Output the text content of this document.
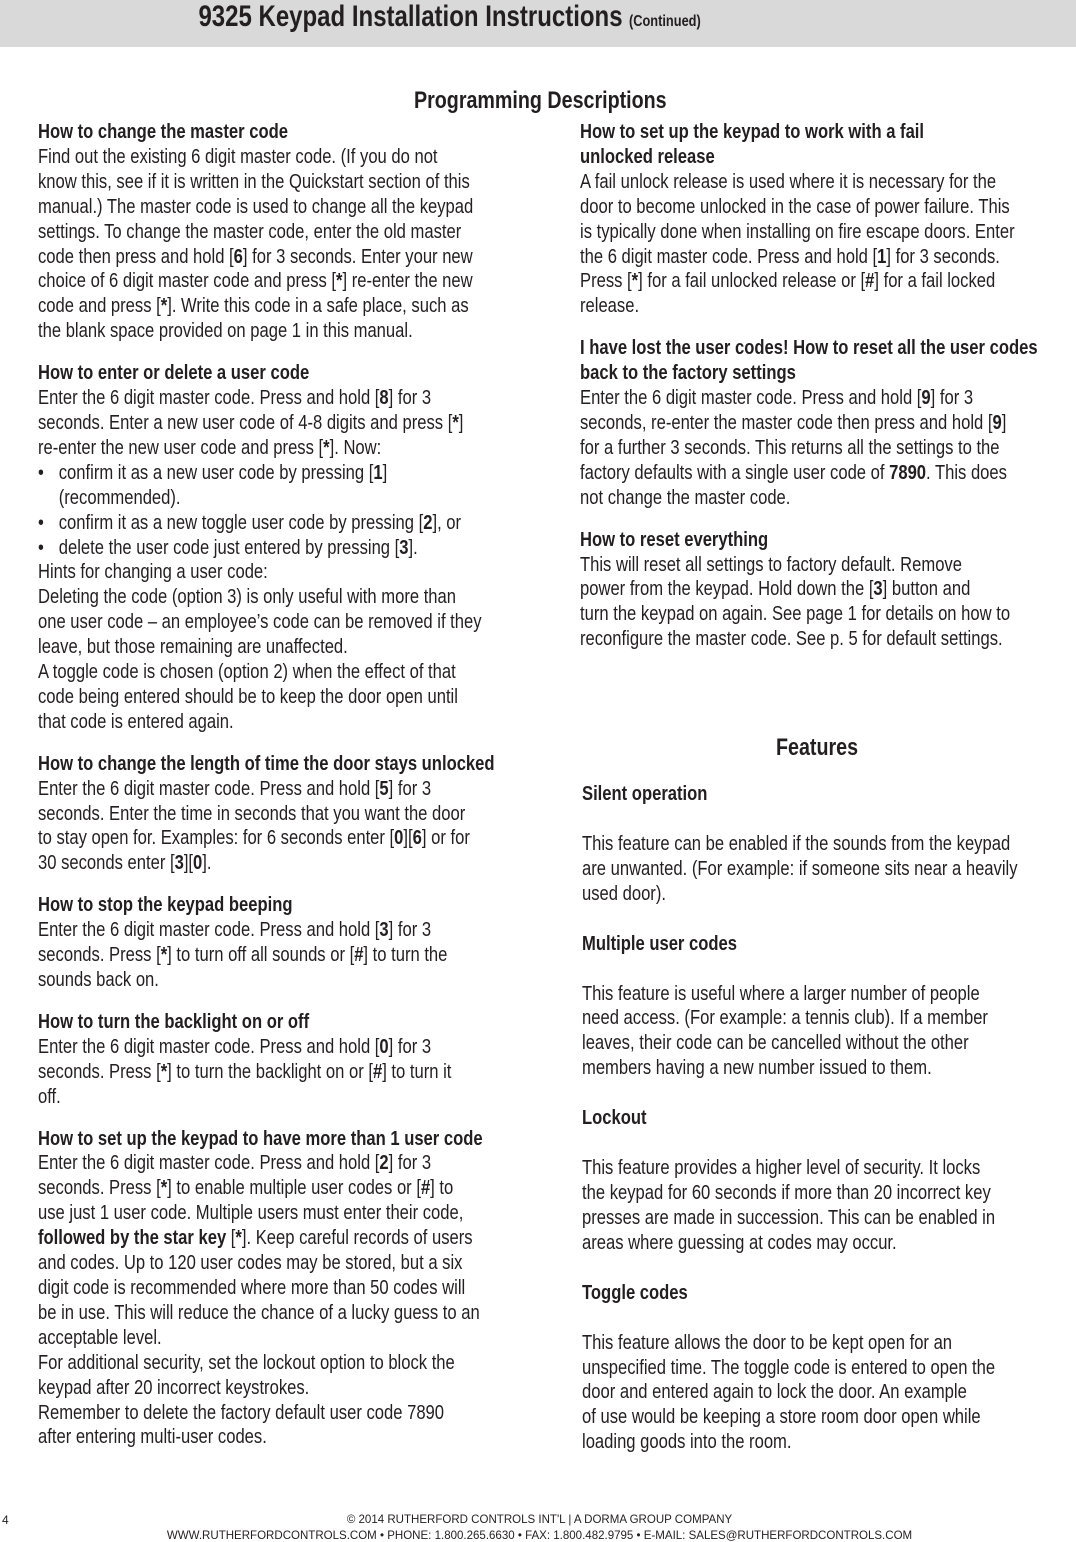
9325 Keypad Installation Instructions (Continued)
Programming Descriptions
How to change the master code
Find out the existing 6 digit master code. (If you do not
know this, see if it is written in the Quickstart section of this
manual.) The master code is used to change all the keypad
settings. To change the master code, enter the old master
code then press and hold [6] for 3 seconds. Enter your new
choice of 6 digit master code and press [*] re-enter the new
code and press [*]. Write this code in a safe place, such as
the blank space provided on page 1 in this manual.
How to enter or delete a user code
Enter the 6 digit master code. Press and hold [8] for 3
seconds. Enter a new user code of 4-8 digits and press [*]
re-enter the new user code and press [*]. Now:
• confirm it as a new user code by pressing [1]
(recommended).
• confirm it as a new toggle user code by pressing [2], or
• delete the user code just entered by pressing [3].
Hints for changing a user code:
Deleting the code (option 3) is only useful with more than
one user code – an employee’s code can be removed if they
leave, but those remaining are unaffected.
A toggle code is chosen (option 2) when the effect of that
code being entered should be to keep the door open until
that code is entered again.
How to change the length of time the door stays unlocked
Enter the 6 digit master code. Press and hold [5] for 3
seconds. Enter the time in seconds that you want the door
to stay open for. Examples: for 6 seconds enter [0][6] or for
30 seconds enter [3][0].
How to stop the keypad beeping
Enter the 6 digit master code. Press and hold [3] for 3
seconds. Press [*] to turn off all sounds or [#] to turn the
sounds back on.
How to turn the backlight on or off
Enter the 6 digit master code. Press and hold [0] for 3
seconds. Press [*] to turn the backlight on or [#] to turn it
off.
How to set up the keypad to have more than 1 user code
Enter the 6 digit master code. Press and hold [2] for 3
seconds. Press [*] to enable multiple user codes or [#] to
use just 1 user code. Multiple users must enter their code,
followed by the star key [*]. Keep careful records of users
and codes. Up to 120 user codes may be stored, but a six
digit code is recommended where more than 50 codes will
be in use. This will reduce the chance of a lucky guess to an
acceptable level.
For additional security, set the lockout option to block the
keypad after 20 incorrect keystrokes.
Remember to delete the factory default user code 7890
after entering multi-user codes.
How to set up the keypad to work with a fail
unlocked release
A fail unlock release is used where it is necessary for the
door to become unlocked in the case of power failure. This
is typically done when installing on fire escape doors. Enter
the 6 digit master code. Press and hold [1] for 3 seconds.
Press [*] for a fail unlocked release or [#] for a fail locked
release.
I have lost the user codes! How to reset all the user codes
back to the factory settings
Enter the 6 digit master code. Press and hold [9] for 3
seconds, re-enter the master code then press and hold [9]
for a further 3 seconds. This returns all the settings to the
factory defaults with a single user code of 7890. This does
not change the master code.
How to reset everything
This will reset all settings to factory default. Remove
power from the keypad. Hold down the [3] button and
turn the keypad on again. See page 1 for details on how to
reconfigure the master code. See p. 5 for default settings.
Features
Silent operation
This feature can be enabled if the sounds from the keypad
are unwanted. (For example: if someone sits near a heavily
used door).
Multiple user codes
This feature is useful where a larger number of people
need access. (For example: a tennis club). If a member
leaves, their code can be cancelled without the other
members having a new number issued to them.
Lockout
This feature provides a higher level of security. It locks
the keypad for 60 seconds if more than 20 incorrect key
presses are made in succession. This can be enabled in
areas where guessing at codes may occur.
Toggle codes
This feature allows the door to be kept open for an
unspecified time. The toggle code is entered to open the
door and entered again to lock the door. An example
of use would be keeping a store room door open while
loading goods into the room.
4	© 2014 RUTHERFORD CONTROLS INT'L | A DORMA GROUP COMPANY
WWW.RUTHERFORDCONTROLS.COM • PHONE: 1.800.265.6630 • FAX: 1.800.482.9795 • E-MAIL: SALES@RUTHERFORDCONTROLS.COM
